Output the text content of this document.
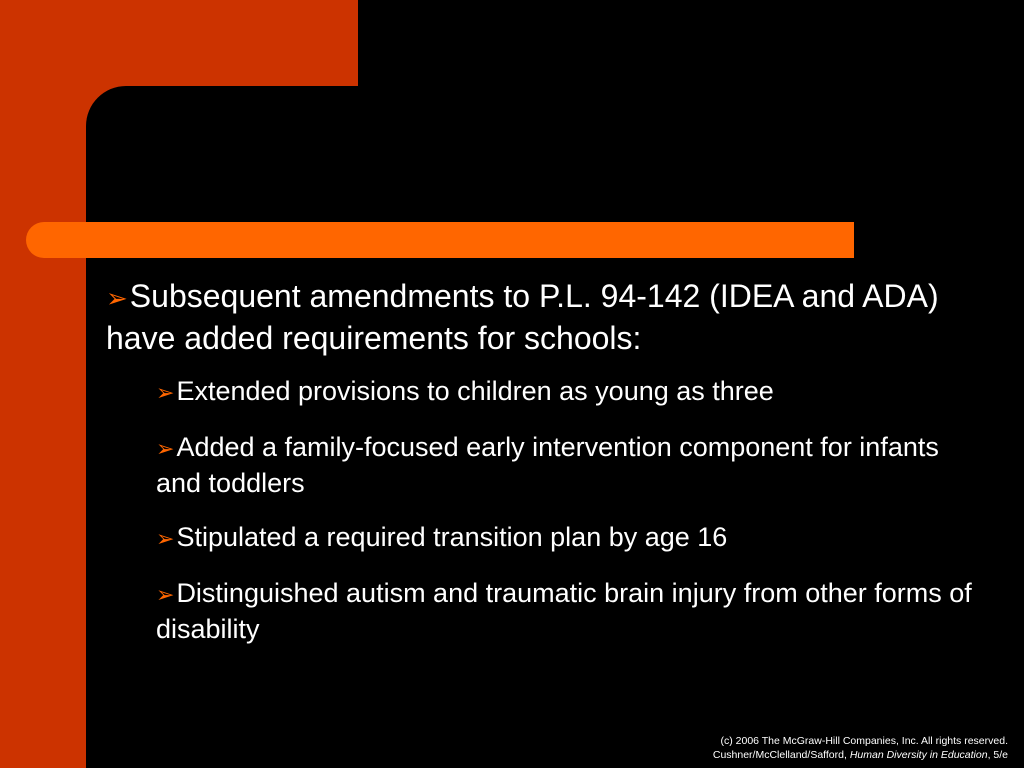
➢Subsequent amendments to P.L. 94-142 (IDEA and ADA) have added requirements for schools:

➢Extended provisions to children as young as three
➢Added a family-focused early intervention component for infants and toddlers
➢Stipulated a required transition plan by age 16
➢Distinguished autism and traumatic brain injury from other forms of disability
(c) 2006 The McGraw-Hill Companies, Inc. All rights reserved.
Cushner/McClelland/Safford, Human Diversity in Education, 5/e
